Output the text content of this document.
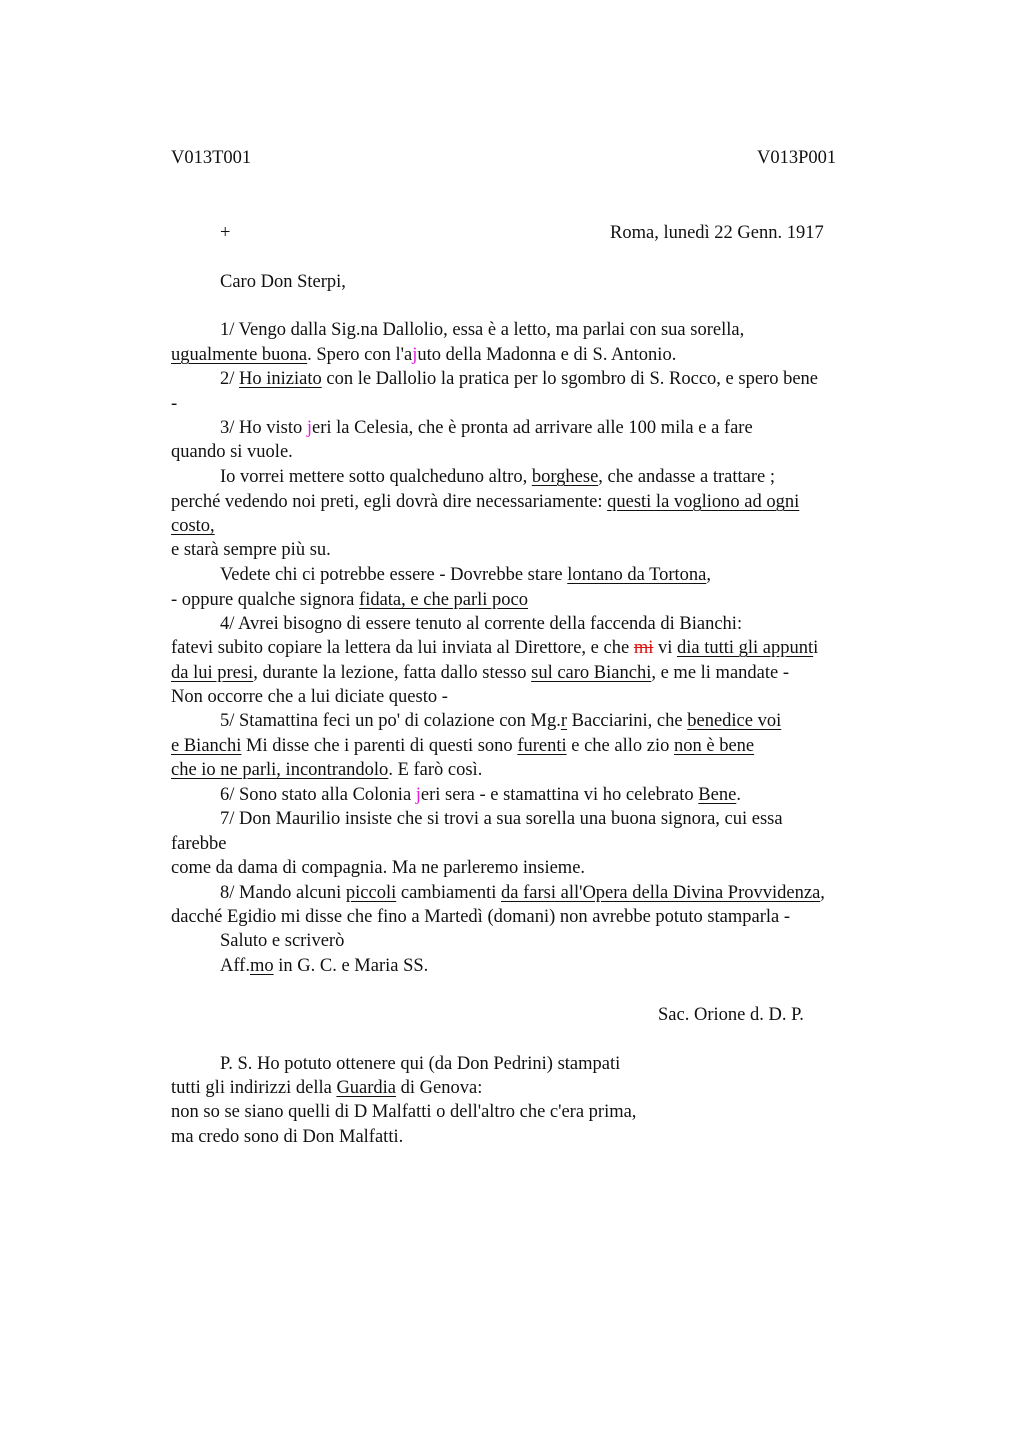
V013T001	V013P001
+	Roma, lunedì 22 Genn. 1917
Caro Don Sterpi,
1/ Vengo dalla Sig.na Dallolio, essa è a letto, ma parlai con sua sorella,
ugualmente buona. Spero con l'ajuto della Madonna e di S. Antonio.
2/ Ho iniziato con le Dallolio la pratica per lo sgombro di S. Rocco, e spero bene
-
3/ Ho visto jeri la Celesia, che è pronta ad arrivare alle 100 mila e a fare
quando si vuole.
Io vorrei mettere sotto qualcheduno altro, borghese, che andasse a trattare ;
perché vedendo noi preti, egli dovrà dire necessariamente: questi la vogliono ad ogni
costo,
e starà sempre più su.
Vedete chi ci potrebbe essere - Dovrebbe stare lontano da Tortona,
- oppure qualche signora fidata, e che parli poco
4/ Avrei bisogno di essere tenuto al corrente della faccenda di Bianchi:
fatevi subito copiare la lettera da lui inviata al Direttore, e che mi vi dia tutti gli appunti
da lui presi, durante la lezione, fatta dallo stesso sul caro Bianchi, e me li mandate -
Non occorre che a lui diciate questo -
5/ Stamattina feci un po' di colazione con Mg.r Bacciarini, che benedice voi
e Bianchi Mi disse che i parenti di questi sono furenti e che allo zio non è bene
che io ne parli, incontrandolo. E farò così.
6/ Sono stato alla Colonia jeri sera - e stamattina vi ho celebrato Bene.
7/ Don Maurilio insiste che si trovi a sua sorella una buona signora, cui essa
farebbe
come da dama di compagnia. Ma ne parleremo insieme.
8/ Mando alcuni piccoli cambiamenti da farsi all'Opera della Divina Provvidenza,
dacché Egidio mi disse che fino a Martedì (domani) non avrebbe potuto stamparla -
Saluto e scriverò
Aff.mo in G. C. e Maria SS.
Sac. Orione d. D. P.
P. S. Ho potuto ottenere qui (da Don Pedrini) stampati
tutti gli indirizzi della Guardia di Genova:
non so se siano quelli di D Malfatti o dell'altro che c'era prima,
ma credo sono di Don Malfatti.
